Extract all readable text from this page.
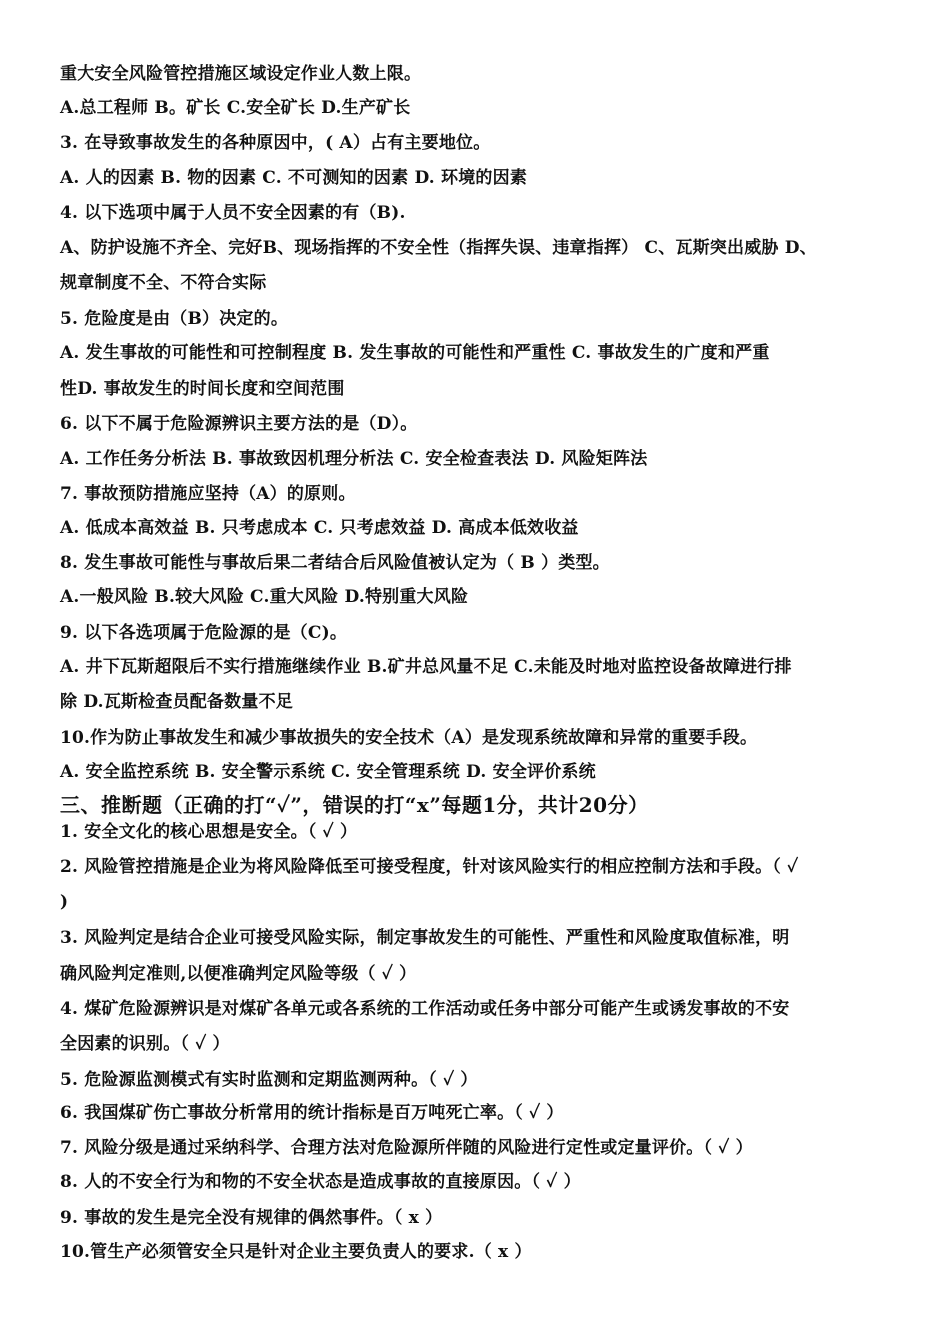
重大安全风险管控措施区域设定作业人数上限。
A.总工程师 B。矿长 C.安全矿长 D.生产矿长
3. 在导致事故发生的各种原因中，( A）占有主要地位。
A. 人的因素 B. 物的因素 C. 不可测知的因素 D. 环境的因素
4. 以下选项中属于人员不安全因素的有（B).
A、防护设施不齐全、完好B、现场指挥的不安全性（指挥失误、违章指挥） C、瓦斯突出威胁 D、
规章制度不全、不符合实际
5. 危险度是由（B）决定的。
A. 发生事故的可能性和可控制程度 B. 发生事故的可能性和严重性 C. 事故发生的广度和严重
性D. 事故发生的时间长度和空间范围
6. 以下不属于危险源辨识主要方法的是（D）。
A. 工作任务分析法 B. 事故致因机理分析法 C. 安全检查表法 D. 风险矩阵法
7. 事故预防措施应坚持（A）的原则。
A. 低成本高效益 B. 只考虑成本 C. 只考虑效益 D. 高成本低效收益
8. 发生事故可能性与事故后果二者结合后风险值被认定为（ B ）类型。
A.一般风险 B.较大风险 C.重大风险 D.特别重大风险
9. 以下各选项属于危险源的是（C)。
A. 井下瓦斯超限后不实行措施继续作业 B.矿井总风量不足 C.未能及时地对监控设备故障进行排
除 D.瓦斯检查员配备数量不足
10.作为防止事故发生和减少事故损失的安全技术（A）是发现系统故障和异常的重要手段。
A. 安全监控系统 B. 安全警示系统 C. 安全管理系统 D. 安全评价系统
三、推断题（正确的打“✓”，错误的打“x”每题1分，共计20分）
1. 安全文化的核心思想是安全。（ ✓ ）
2. 风险管控措施是企业为将风险降低至可接受程度，针对该风险实行的相应控制方法和手段。（ ✓
)
3. 风险判定是结合企业可接受风险实际，制定事故发生的可能性、严重性和风险度取值标准，明
确风险判定准则,以便准确判定风险等级（ ✓ ）
4. 煤矿危险源辨识是对煤矿各单元或各系统的工作活动或任务中部分可能产生或诱发事故的不安
全因素的识别。（ ✓ ）
5. 危险源监测模式有实时监测和定期监测两种。（ ✓ ）
6. 我国煤矿伤亡事故分析常用的统计指标是百万吨死亡率。（ ✓ ）
7. 风险分级是通过采纳科学、合理方法对危险源所伴随的风险进行定性或定量评价。（ ✓ ）
8. 人的不安全行为和物的不安全状态是造成事故的直接原因。（ ✓ ）
9. 事故的发生是完全没有规律的偶然事件。（ x ）
10.管生产必须管安全只是针对企业主要负责人的要求.（ x ）
